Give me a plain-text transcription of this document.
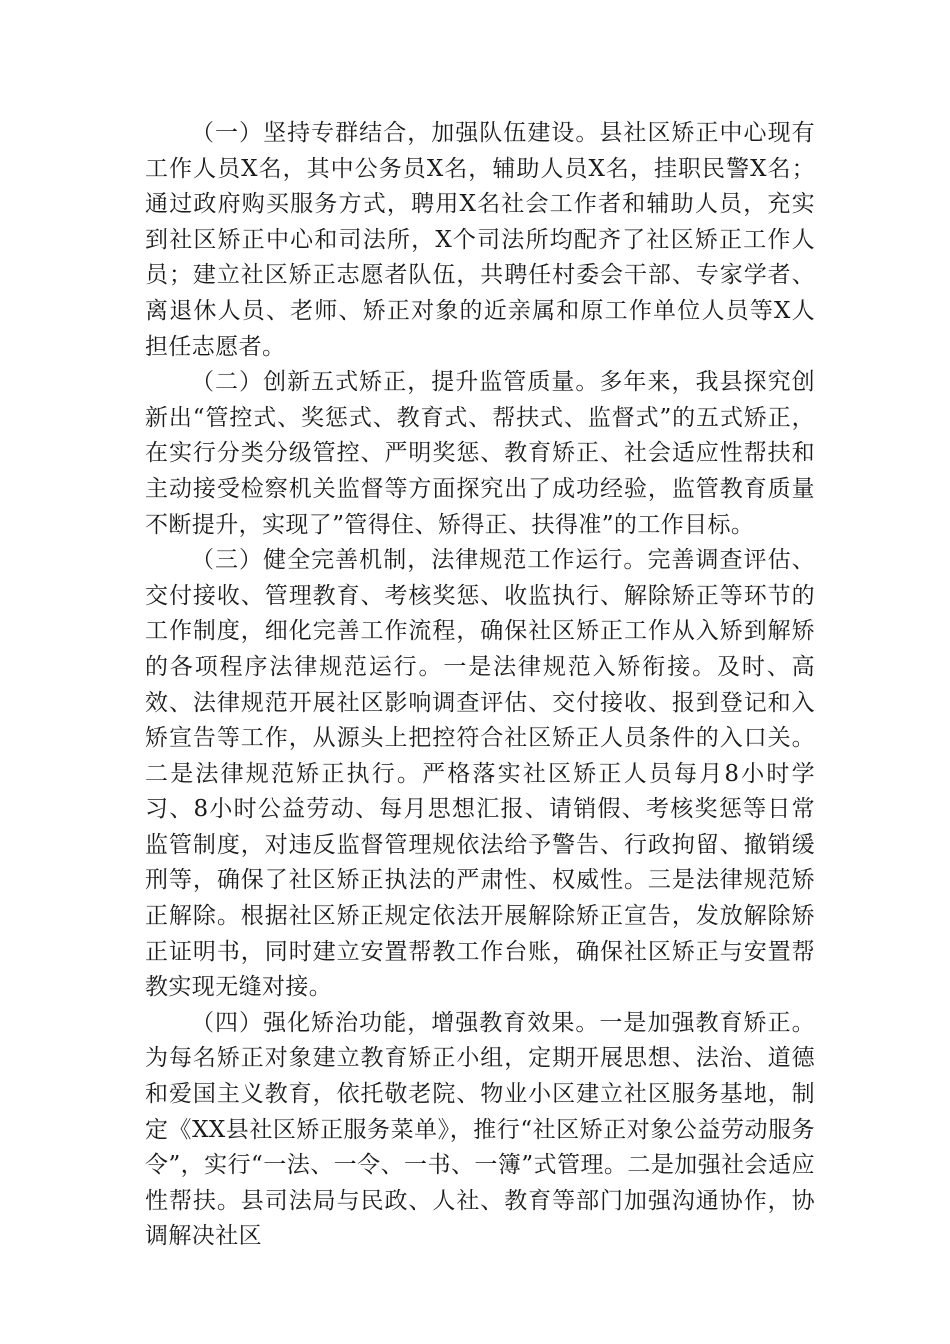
（一）坚持专群结合，加强队伍建设。县社区矫正中心现有工作人员X名，其中公务员X名，辅助人员X名，挂职民警X名；通过政府购买服务方式，聘用X名社会工作者和辅助人员，充实到社区矫正中心和司法所，X个司法所均配齐了社区矫正工作人员；建立社区矫正志愿者队伍，共聘任村委会干部、专家学者、离退休人员、老师、矫正对象的近亲属和原工作单位人员等X人担任志愿者。

（二）创新五式矫正，提升监管质量。多年来，我县探究创新出“管控式、奖惩式、教育式、帮扶式、监督式”的五式矫正，在实行分类分级管控、严明奖惩、教育矫正、社会适应性帮扶和主动接受检察机关监督等方面探究出了成功经验，监管教育质量不断提升，实现了”管得住、矫得正、扶得准”的工作目标。

（三）健全完善机制，法律规范工作运行。完善调查评估、交付接收、管理教育、考核奖惩、收监执行、解除矫正等环节的工作制度，细化完善工作流程，确保社区矫正工作从入矫到解矫的各项程序法律规范运行。一是法律规范入矫衔接。及时、高效、法律规范开展社区影响调查评估、交付接收、报到登记和入矫宣告等工作，从源头上把控符合社区矫正人员条件的入口关。二是法律规范矫正执行。严格落实社区矫正人员每月8小时学习、8小时公益劳动、每月思想汇报、请销假、考核奖惩等日常监管制度，对违反监督管理规依法给予警告、行政拘留、撤销缓刑等，确保了社区矫正执法的严肃性、权威性。三是法律规范矫正解除。根据社区矫正规定依法开展解除矫正宣告，发放解除矫正证明书，同时建立安置帮教工作台账，确保社区矫正与安置帮教实现无缝对接。

（四）强化矫治功能，增强教育效果。一是加强教育矫正。为每名矫正对象建立教育矫正小组，定期开展思想、法治、道德和爱国主义教育，依托敬老院、物业小区建立社区服务基地，制定《XX县社区矫正服务菜单》，推行“社区矫正对象公益劳动服务令”，实行“一法、一令、一书、一簿”式管理。二是加强社会适应性帮扶。县司法局与民政、人社、教育等部门加强沟通协作，协调解决社区
